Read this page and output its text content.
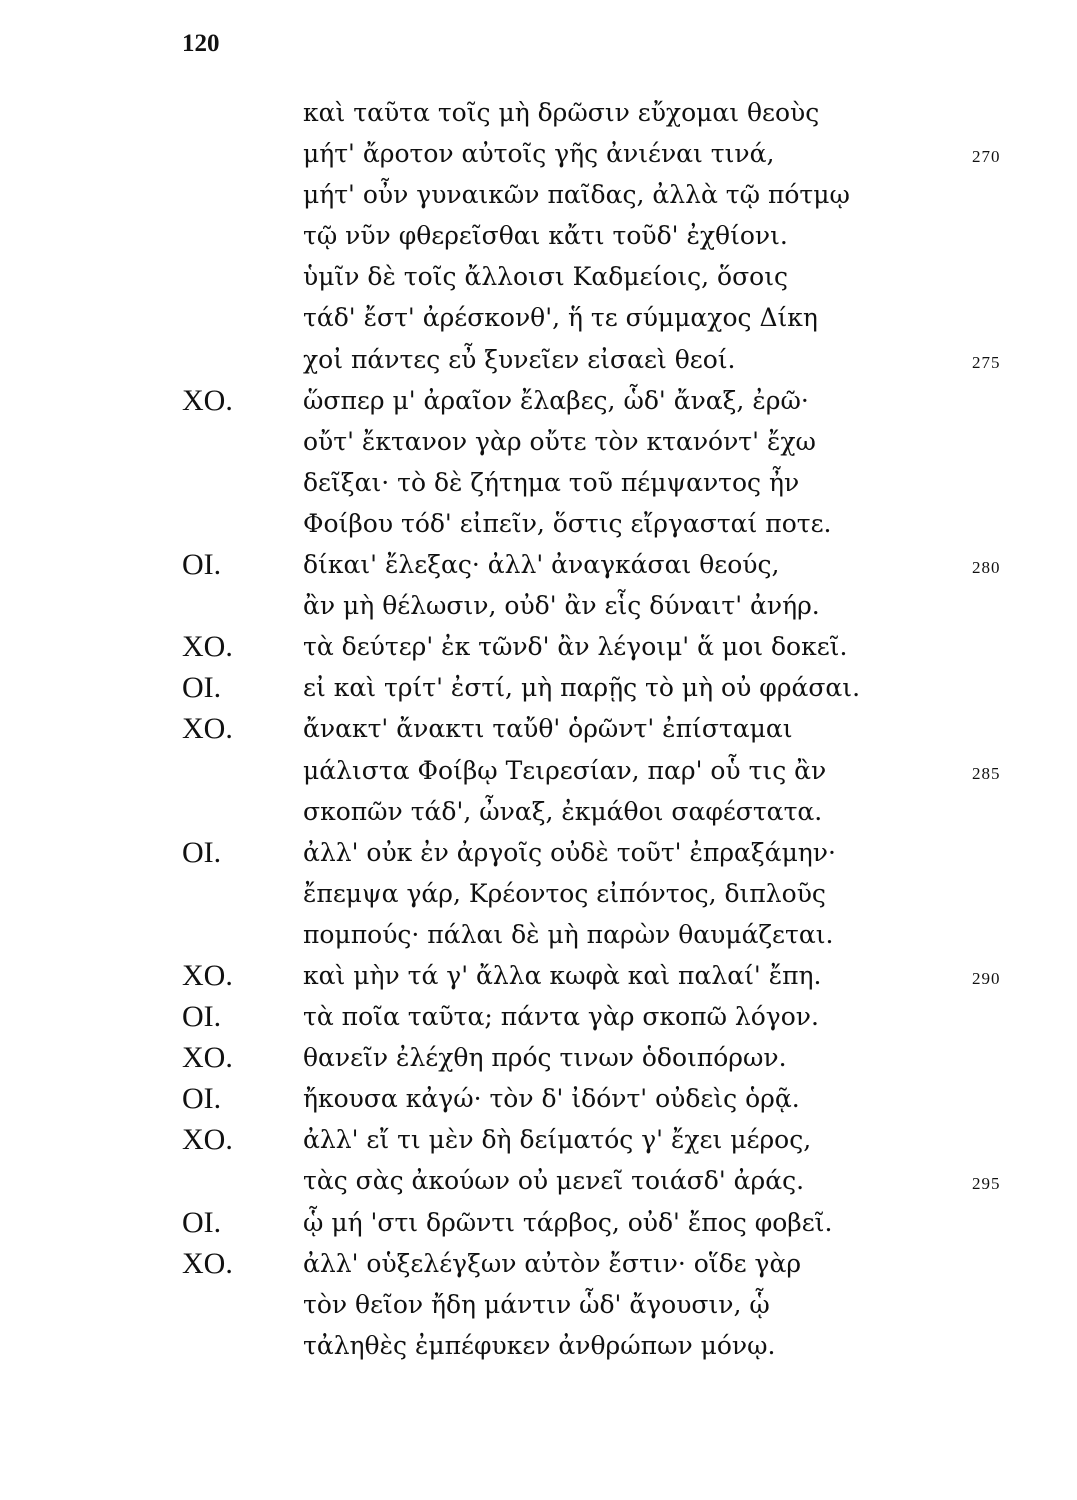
120
καὶ ταῦτα τοῖς μὴ δρῶσιν εὔχομαι θεοὺς
μήτ' ἄροτον αὐτοῖς γῆς ἀνιέναι τινά,	270
μήτ' οὖν γυναικῶν παῖδας, ἀλλὰ τῷ πότμῳ
τῷ νῦν φθερεῖσθαι κἄτι τοῦδ' ἐχθίονι.
ὑμῖν δὲ τοῖς ἄλλοισι Καδμείοις, ὅσοις
τάδ' ἔστ' ἀρέσκονθ', ἥ τε σύμμαχος Δίκη
χοἰ πάντες εὖ ξυνεῖεν εἰσαεὶ θεοί.	275
ΧΟ.	ὥσπερ μ' ἀραῖον ἔλαβες, ὧδ' ἄναξ, ἐρῶ·
οὔτ' ἔκτανον γὰρ οὔτε τὸν κτανόντ' ἔχω
δεῖξαι· τὸ δὲ ζήτημα τοῦ πέμψαντος ἦν
Φοίβου τόδ' εἰπεῖν, ὅστις εἴργασταί ποτε.
ΟΙ.	δίκαι' ἔλεξας· ἀλλ' ἀναγκάσαι θεούς,	280
ἂν μὴ θέλωσιν, οὐδ' ἂν εἷς δύναιτ' ἀνήρ.
ΧΟ.	τὰ δεύτερ' ἐκ τῶνδ' ἂν λέγοιμ' ἅ μοι δοκεῖ.
ΟΙ.	εἰ καὶ τρίτ' ἐστί, μὴ παρῇς τὸ μὴ οὐ φράσαι.
ΧΟ.	ἄνακτ' ἄνακτι ταὔθ' ὁρῶντ' ἐπίσταμαι
μάλιστα Φοίβῳ Τειρεσίαν, παρ' οὗ τις ἂν	285
σκοπῶν τάδ', ὦναξ, ἐκμάθοι σαφέστατα.
ΟΙ.	ἀλλ' οὐκ ἐν ἀργοῖς οὐδὲ τοῦτ' ἐπραξάμην·
ἔπεμψα γάρ, Κρέοντος εἰπόντος, διπλοῦς
πομπούς· πάλαι δὲ μὴ παρὼν θαυμάζεται.
ΧΟ.	καὶ μὴν τά γ' ἄλλα κωφὰ καὶ παλαί' ἔπη.	290
ΟΙ.	τὰ ποῖα ταῦτα; πάντα γὰρ σκοπῶ λόγον.
ΧΟ.	θανεῖν ἐλέχθη πρός τινων ὁδοιπόρων.
ΟΙ.	ἤκουσα κἀγώ· τὸν δ' ἰδόντ' οὐδεὶς ὁρᾷ.
ΧΟ.	ἀλλ' εἴ τι μὲν δὴ δείματός γ' ἔχει μέρος,
τὰς σὰς ἀκούων οὐ μενεῖ τοιάσδ' ἀράς.	295
ΟΙ.	ᾧ μή 'στι δρῶντι τάρβος, οὐδ' ἔπος φοβεῖ.
ΧΟ.	ἀλλ' οὑξελέγξων αὐτὸν ἔστιν· οἵδε γὰρ
τὸν θεῖον ἤδη μάντιν ὧδ' ἄγουσιν, ᾧ
τἀληθὲς ἐμπέφυκεν ἀνθρώπων μόνῳ.
